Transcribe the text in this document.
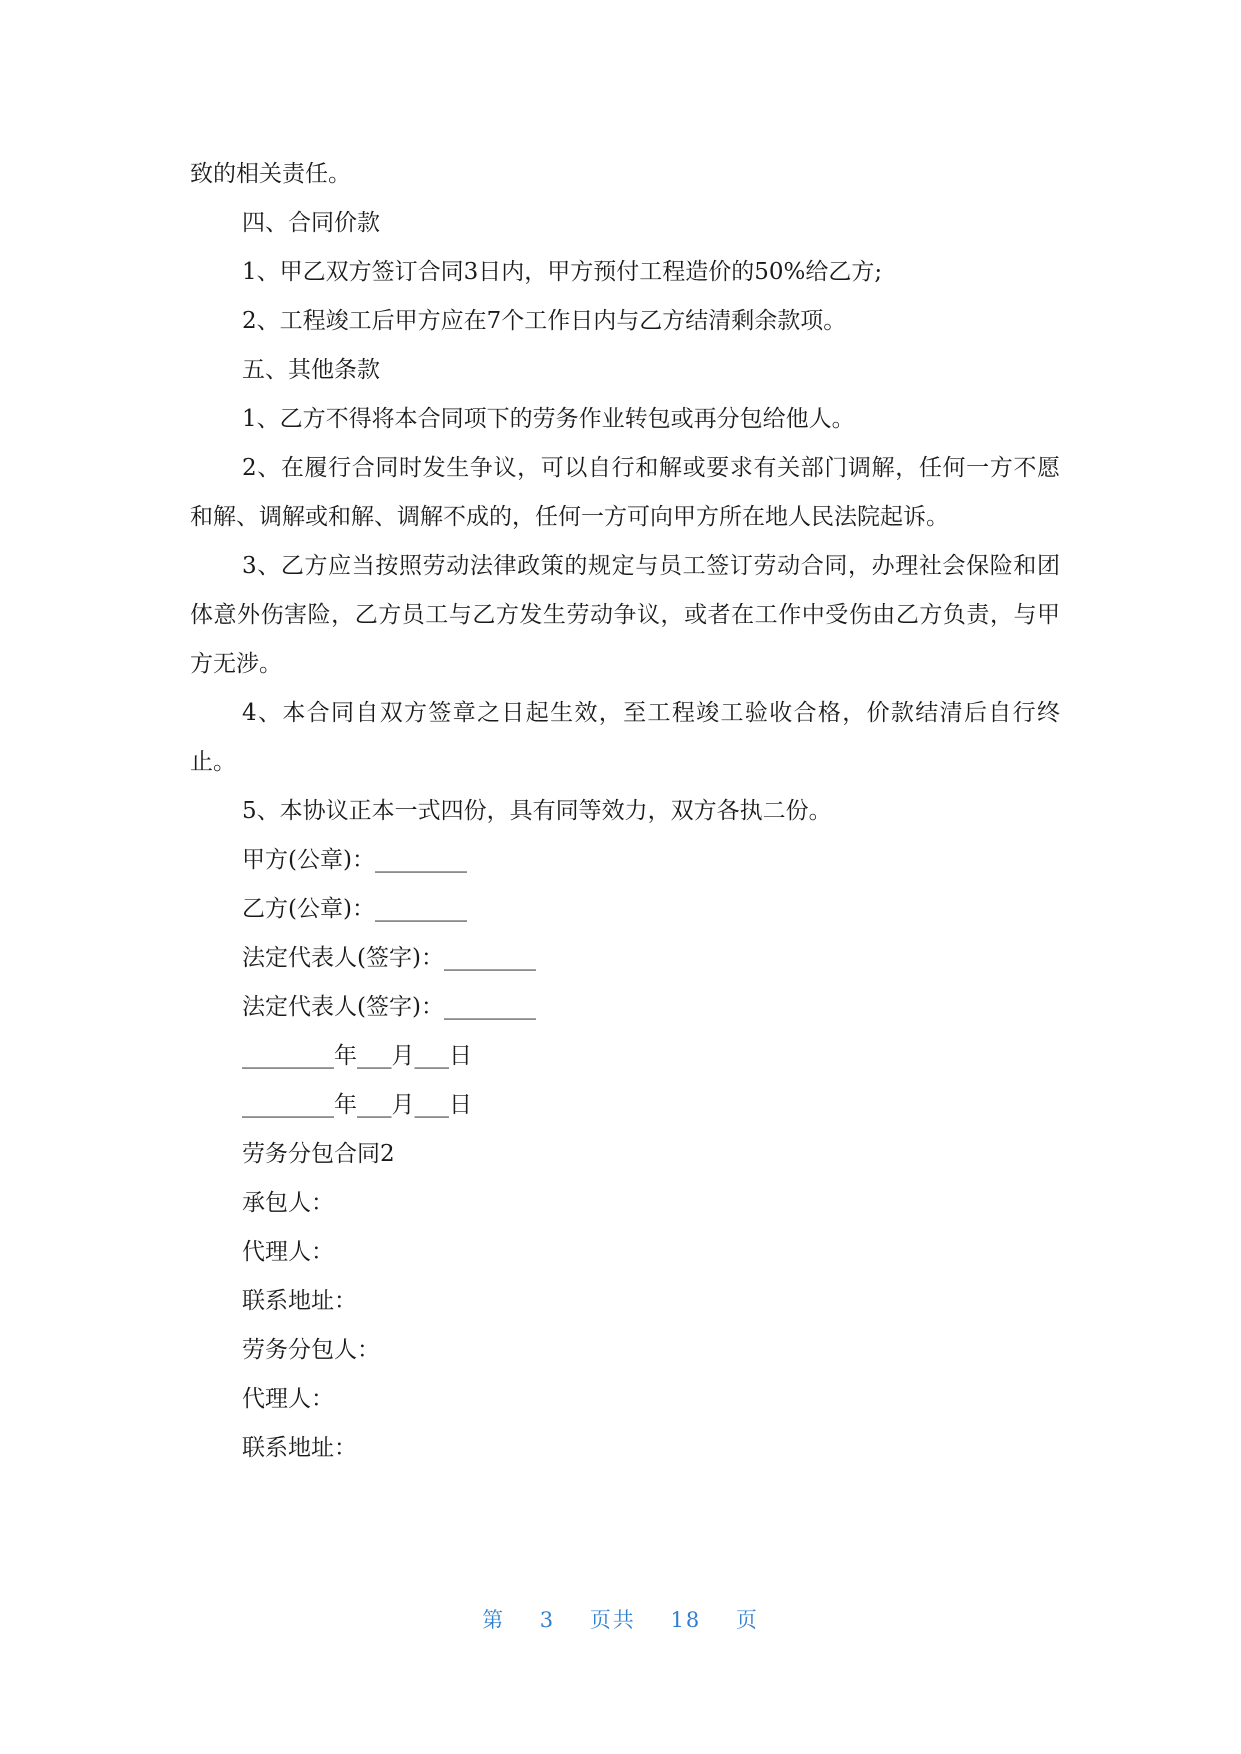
致的相关责任。

四、合同价款

1、甲乙双方签订合同3日内，甲方预付工程造价的50%给乙方;

2、工程竣工后甲方应在7个工作日内与乙方结清剩余款项。

五、其他条款

1、乙方不得将本合同项下的劳务作业转包或再分包给他人。

2、在履行合同时发生争议，可以自行和解或要求有关部门调解，任何一方不愿和解、调解或和解、调解不成的，任何一方可向甲方所在地人民法院起诉。

3、乙方应当按照劳动法律政策的规定与员工签订劳动合同，办理社会保险和团体意外伤害险，乙方员工与乙方发生劳动争议，或者在工作中受伤由乙方负责，与甲方无涉。

4、本合同自双方签章之日起生效，至工程竣工验收合格，价款结清后自行终止。

5、本协议正本一式四份，具有同等效力，双方各执二份。

甲方(公章)：________

乙方(公章)：________

法定代表人(签字)：________

法定代表人(签字)：________

________年___月___日

________年___月___日

劳务分包合同2

承包人：

代理人：

联系地址：

劳务分包人：

代理人：

联系地址：

第 3 页共 18 页
